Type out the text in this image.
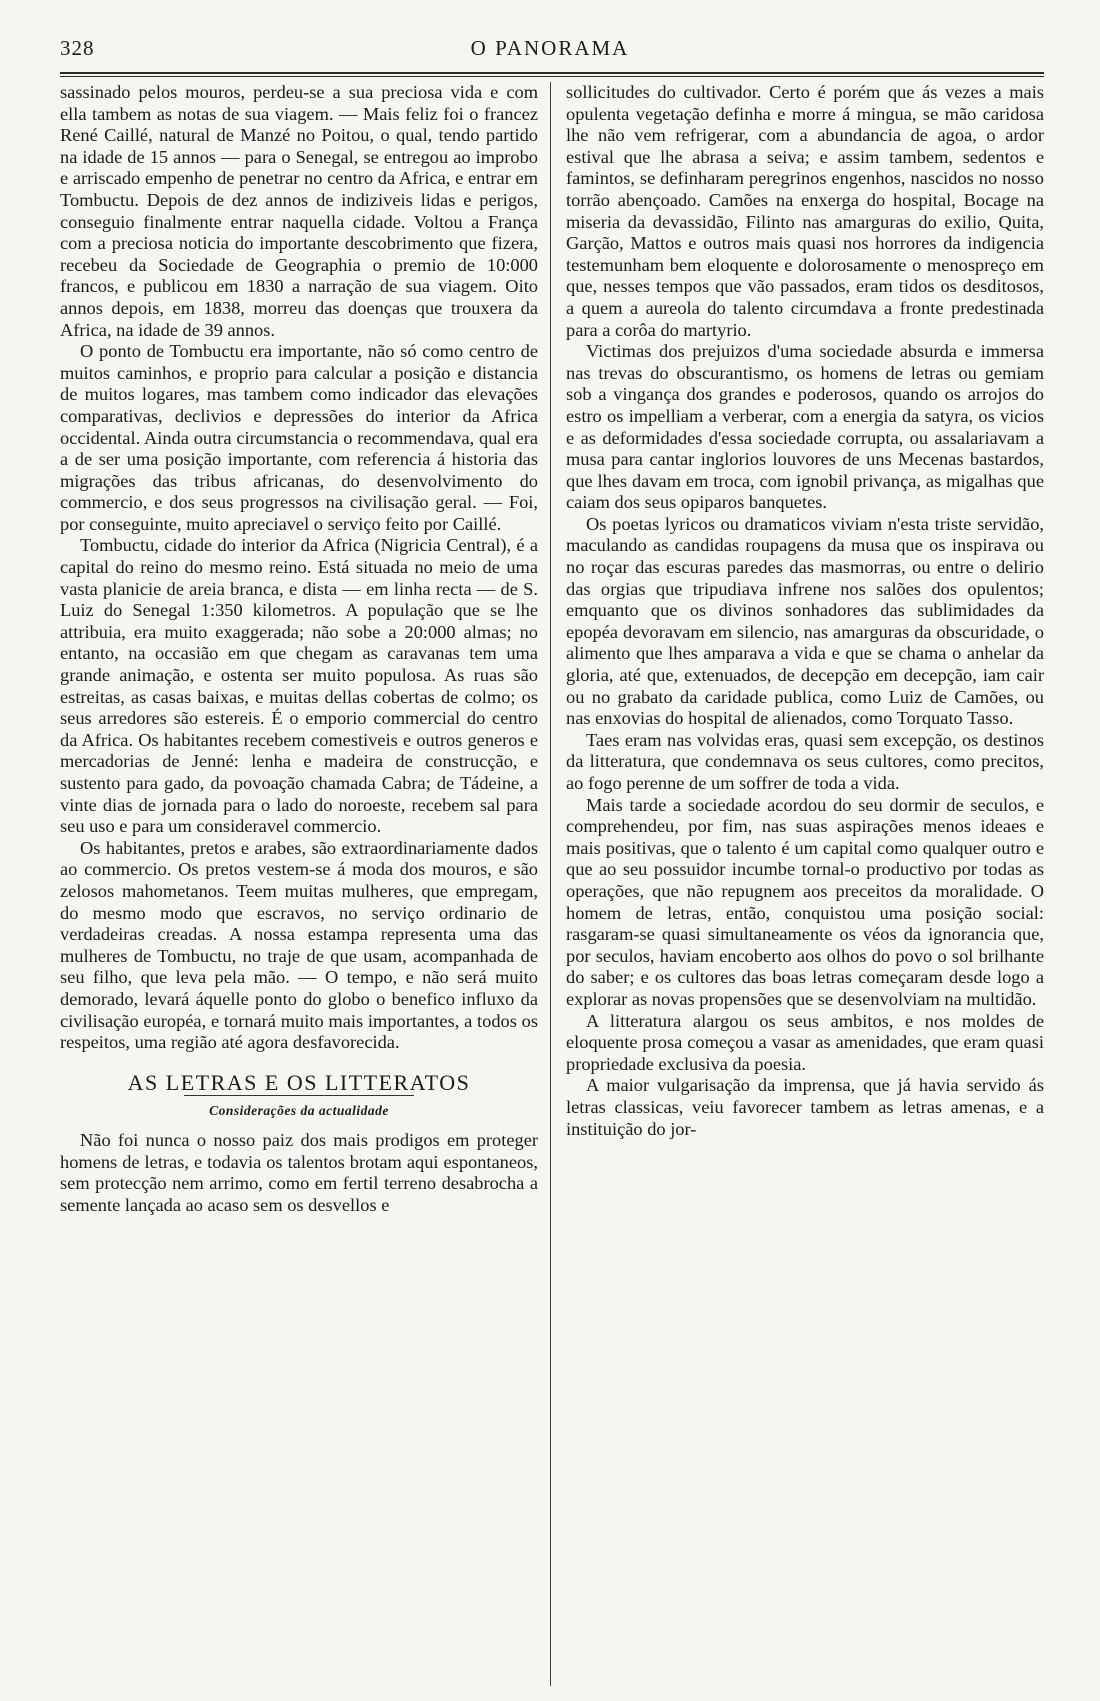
328	O PANORAMA

sassinado pelos mouros, perdeu-se a sua preciosa vida e com ella tambem as notas de sua viagem. — Mais feliz foi o francez René Caillé, natural de Manzé no Poitou, o qual, tendo partido na idade de 15 annos — para o Senegal, se entregou ao improbo e arriscado empenho de penetrar no centro da Africa, e entrar em Tombuctu. Depois de dez annos de indiziveis lidas e perigos, conseguio finalmente entrar naquella cidade. Voltou a França com a preciosa noticia do importante descobrimento que fizera, recebeu da Sociedade de Geographia o premio de 10:000 francos, e publicou em 1830 a narração de sua viagem. Oito annos depois, em 1838, morreu das doenças que trouxera da Africa, na idade de 39 annos.

O ponto de Tombuctu era importante, não só como centro de muitos caminhos, e proprio para calcular a posição e distancia de muitos logares, mas tambem como indicador das elevações comparativas, declivios e depressões do interior da Africa occidental. Ainda outra circumstancia o recommendava, qual era a de ser uma posição importante, com referencia á historia das migrações das tribus africanas, do desenvolvimento do commercio, e dos seus progressos na civilisação geral. — Foi, por conseguinte, muito apreciavel o serviço feito por Caillé.

Tombuctu, cidade do interior da Africa (Nigricia Central), é a capital do reino do mesmo reino. Está situada no meio de uma vasta planicie de areia branca, e dista — em linha recta — de S. Luiz do Senegal 1:350 kilometros. A população que se lhe attribuia, era muito exaggerada; não sobe a 20:000 almas; no entanto, na occasião em que chegam as caravanas tem uma grande animação, e ostenta ser muito populosa. As ruas são estreitas, as casas baixas, e muitas dellas cobertas de colmo; os seus arredores são estereis. É o emporio commercial do centro da Africa. Os habitantes recebem comestiveis e outros generos e mercadorias de Jenné: lenha e madeira de construcção, e sustento para gado, da povoação chamada Cabra; de Tádeine, a vinte dias de jornada para o lado do noroeste, recebem sal para seu uso e para um consideravel commercio.

Os habitantes, pretos e arabes, são extraordinariamente dados ao commercio. Os pretos vestem-se á moda dos mouros, e são zelosos mahometanos. Teem muitas mulheres, que empregam, do mesmo modo que escravos, no serviço ordinario de verdadeiras creadas. A nossa estampa representa uma das mulheres de Tombuctu, no traje de que usam, acompanhada de seu filho, que leva pela mão. — O tempo, e não será muito demorado, levará áquelle ponto do globo o benefico influxo da civilisação européa, e tornará muito mais importantes, a todos os respeitos, uma região até agora desfavorecida.

AS LETRAS E OS LITTERATOS
Considerações da actualidade

Não foi nunca o nosso paiz dos mais prodigos em proteger homens de letras, e todavia os talentos brotam aqui espontaneos, sem protecção nem arrimo, como em fertil terreno desabrocha a semente lançada ao acaso sem os desvellos e

sollicitudes do cultivador. Certo é porém que ás vezes a mais opulenta vegetação definha e morre á mingua, se mão caridosa lhe não vem refrigerar, com a abundancia de agoa, o ardor estival que lhe abrasa a seiva; e assim tambem, sedentos e famintos, se definharam peregrinos engenhos, nascidos no nosso torrão abençoado. Camões na enxerga do hospital, Bocage na miseria da devassidão, Filinto nas amarguras do exilio, Quita, Garção, Mattos e outros mais quasi nos horrores da indigencia testemunham bem eloquente e dolorosamente o menospreço em que, nesses tempos que vão passados, eram tidos os desditosos, a quem a aureola do talento circumdava a fronte predestinada para a corôa do martyrio.

Victimas dos prejuizos d'uma sociedade absurda e immersa nas trevas do obscurantismo, os homens de letras ou gemiam sob a vingança dos grandes e poderosos, quando os arrojos do estro os impelliam a verberar, com a energia da satyra, os vicios e as deformidades d'essa sociedade corrupta, ou assalariavam a musa para cantar inglorios louvores de uns Mecenas bastardos, que lhes davam em troca, com ignobil privança, as migalhas que caiam dos seus opiparos banquetes.

Os poetas lyricos ou dramaticos viviam n'esta triste servidão, maculando as candidas roupagens da musa que os inspirava ou no roçar das escuras paredes das masmorras, ou entre o delirio das orgias que tripudiava infrene nos salões dos opulentos; emquanto que os divinos sonhadores das sublimidades da epopéa devoravam em silencio, nas amarguras da obscuridade, o alimento que lhes amparava a vida e que se chama o anhelar da gloria, até que, extenuados, de decepção em decepção, iam cair ou no grabato da caridade publica, como Luiz de Camões, ou nas enxovias do hospital de alienados, como Torquato Tasso.

Taes eram nas volvidas eras, quasi sem excepção, os destinos da litteratura, que condemnava os seus cultores, como precitos, ao fogo perenne de um soffrer de toda a vida.

Mais tarde a sociedade acordou do seu dormir de seculos, e comprehendeu, por fim, nas suas aspirações menos ideaes e mais positivas, que o talento é um capital como qualquer outro e que ao seu possuidor incumbe tornal-o productivo por todas as operações, que não repugnem aos preceitos da moralidade. O homem de letras, então, conquistou uma posição social: rasgaram-se quasi simultaneamente os véos da ignorancia que, por seculos, haviam encoberto aos olhos do povo o sol brilhante do saber; e os cultores das boas letras começaram desde logo a explorar as novas propensões que se desenvolviam na multidão.

A litteratura alargou os seus ambitos, e nos moldes de eloquente prosa começou a vasar as amenidades, que eram quasi propriedade exclusiva da poesia.

A maior vulgarisação da imprensa, que já havia servido ás letras classicas, veiu favorecer tambem as letras amenas, e a instituição do jor-
